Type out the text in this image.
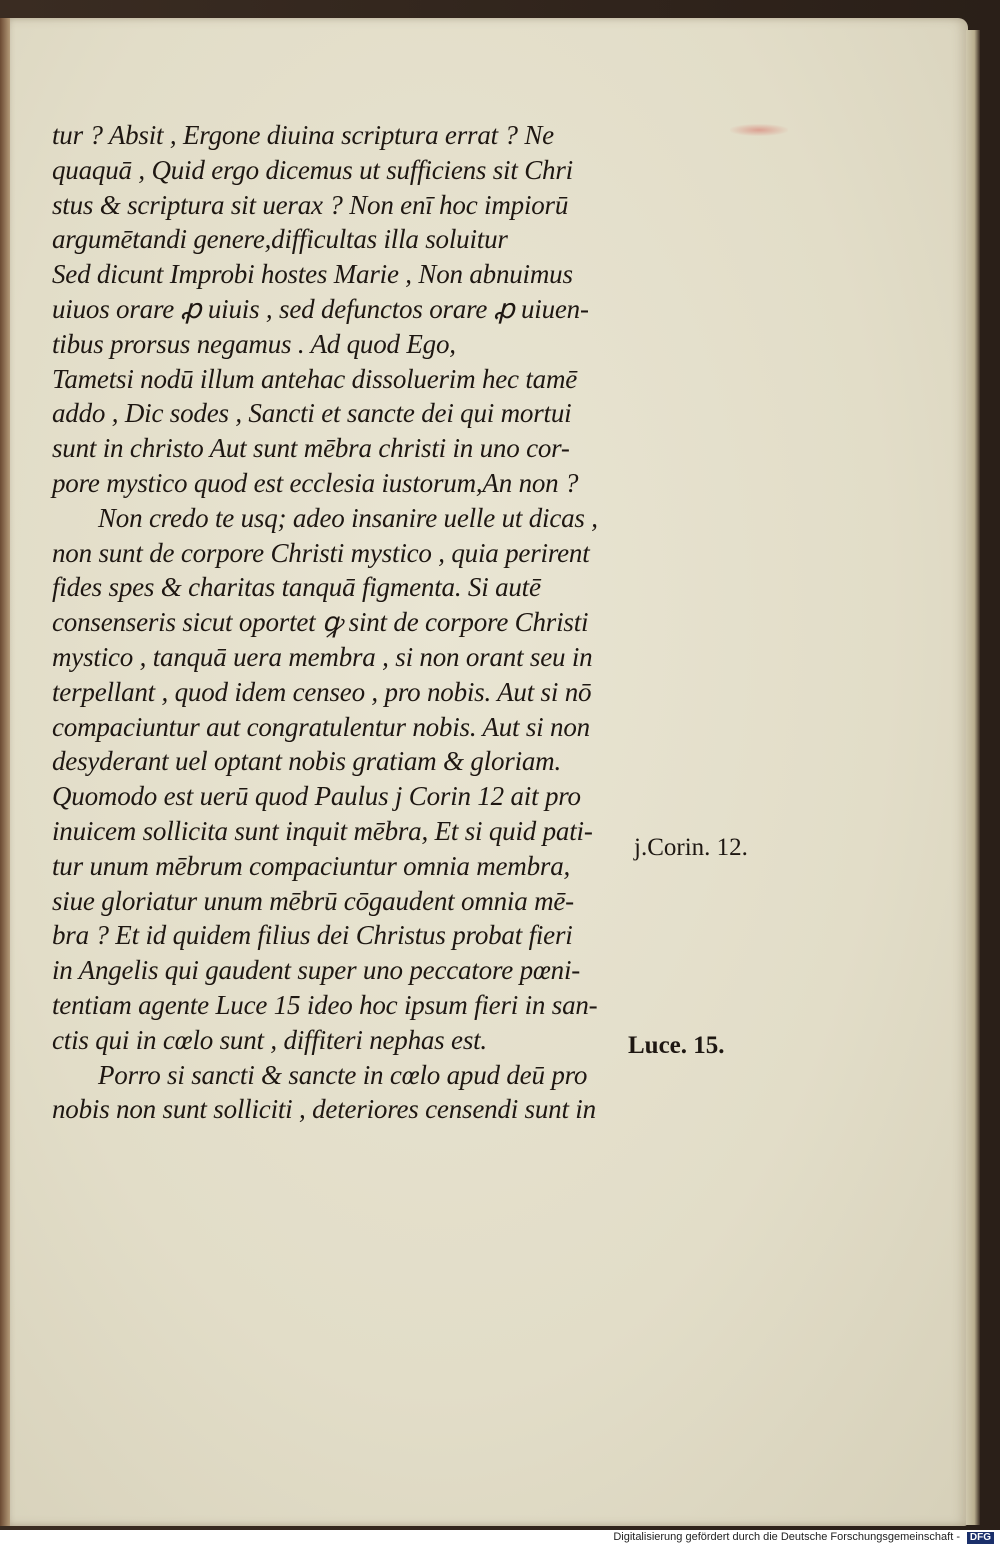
tur ? Absit , Ergone diuina scriptura errat ? Ne
quaquā , Quid ergo dicemus ut sufficiens sit Chri
stus & scriptura sit uerax ? Non enī hoc impiorū
argumētandi genere,difficultas illa soluitur
Sed dicunt Improbi hostes Marie , Non abnuimus
uiuos orare ꝓ uiuis , sed defunctos orare ꝓ uiuen-
tibus prorsus negamus . Ad quod Ego,
Tametsi nodū illum antehac dissoluerim hec tamē
addo , Dic sodes , Sancti et sancte dei qui mortui
sunt in christo Aut sunt mēbra christi in uno cor-
pore mystico quod est ecclesia iustorum,An non ?
Non credo te usq; adeo insanire uelle ut dicas ,
non sunt de corpore Christi mystico , quia perirent
fides spes & charitas tanquā figmenta. Si autē
consenseris sicut oportet ꝙ sint de corpore Christi
mystico , tanquā uera membra , si non orant seu in
terpellant , quod idem censeo , pro nobis. Aut si nō
compaciuntur aut congratulentur nobis. Aut si non
desyderant uel optant nobis gratiam & gloriam.
Quomodo est uerū quod Paulus j Corin 12 ait pro
inuicem sollicita sunt inquit mēbra, Et si quid pati-
tur unum mēbrum compaciuntur omnia membra,
siue gloriatur unum mēbrū cōgaudent omnia mē-
bra ? Et id quidem filius dei Christus probat fieri
in Angelis qui gaudent super uno peccatore pœni-
tentiam agente Luce 15 ideo hoc ipsum fieri in san-
ctis qui in cœlo sunt , diffiteri nephas est.
Porro si sancti & sancte in cœlo apud deū pro
nobis non sunt solliciti , deteriores censendi sunt in
j.Corin. 12.
Luce. 15.
Digitalisierung gefördert durch die Deutsche Forschungsgemeinschaft - DFG
